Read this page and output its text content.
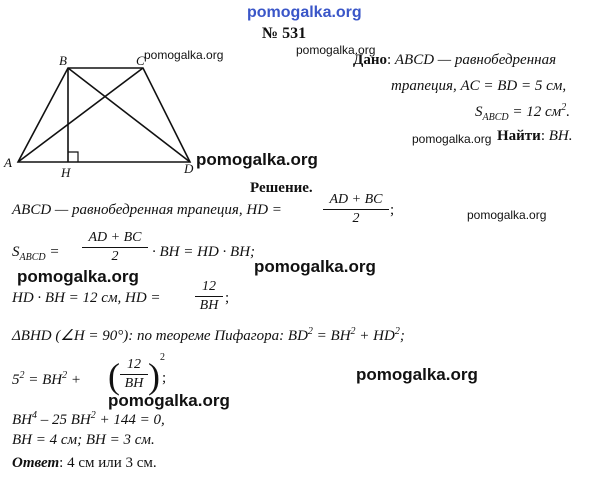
pomogalka.org
pomogalka.org	pomogalka.org
pomogalka.org
pomogalka.org
pomogalka.org
pomogalka.org
pomogalka.org
pomogalka.org
pomogalka.org
№ 531
B	C
A	D
H
Дано: ABCD — равнобедренная
трапеция, AC = BD = 5 см,
$S_{ABCD} = 12$ $см^2$.
Найти: BH.
Решение.
ABCD — равнобедренная трапеция, HD =
AD + BC
2
;
$S_{ABCD}$ =
AD + BC
2	· BH = HD · BH;
HD · BH = 12 см, HD =
12
BH ;
ΔBHD (∠H = 90°): по теореме Пифагора: $BD^2 = BH^2 + HD^2$;
$5^2 = BH^2$ + ( 12
BH ) 2
;
$BH^4 - 25$ $BH^2 + 144 = 0$,
BH = 4 см; BH = 3 см.
Ответ: 4 см или 3 см.
